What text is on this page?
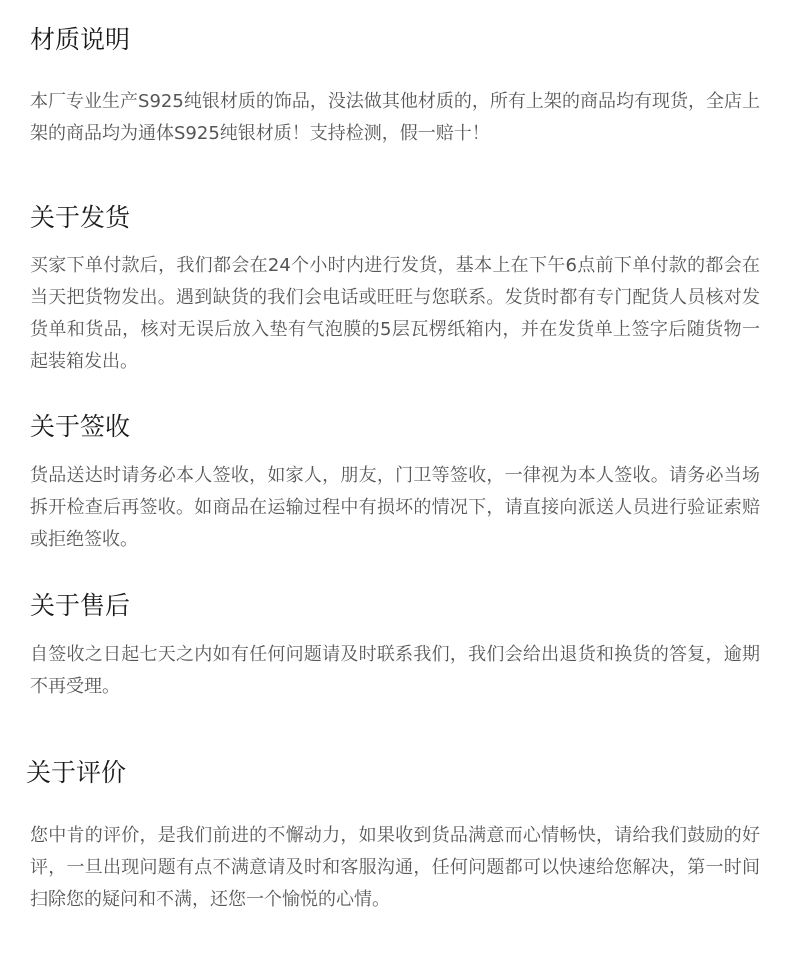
材质说明

本厂专业生产S925纯银材质的饰品，没法做其他材质的，所有上架的商品均有现货，全店上架的商品均为通体S925纯银材质！支持检测，假一赔十！

关于发货

买家下单付款后，我们都会在24个小时内进行发货，基本上在下午6点前下单付款的都会在当天把货物发出。遇到缺货的我们会电话或旺旺与您联系。发货时都有专门配货人员核对发货单和货品，核对无误后放入垫有气泡膜的5层瓦楞纸箱内，并在发货单上签字后随货物一起装箱发出。

关于签收

货品送达时请务必本人签收，如家人，朋友，门卫等签收，一律视为本人签收。请务必当场拆开检查后再签收。如商品在运输过程中有损坏的情况下，请直接向派送人员进行验证索赔或拒绝签收。

关于售后

自签收之日起七天之内如有任何问题请及时联系我们，我们会给出退货和换货的答复，逾期不再受理。

关于评价

您中肯的评价，是我们前进的不懈动力，如果收到货品满意而心情畅快，请给我们鼓励的好评，一旦出现问题有点不满意请及时和客服沟通，任何问题都可以快速给您解决，第一时间扫除您的疑问和不满，还您一个愉悦的心情。
